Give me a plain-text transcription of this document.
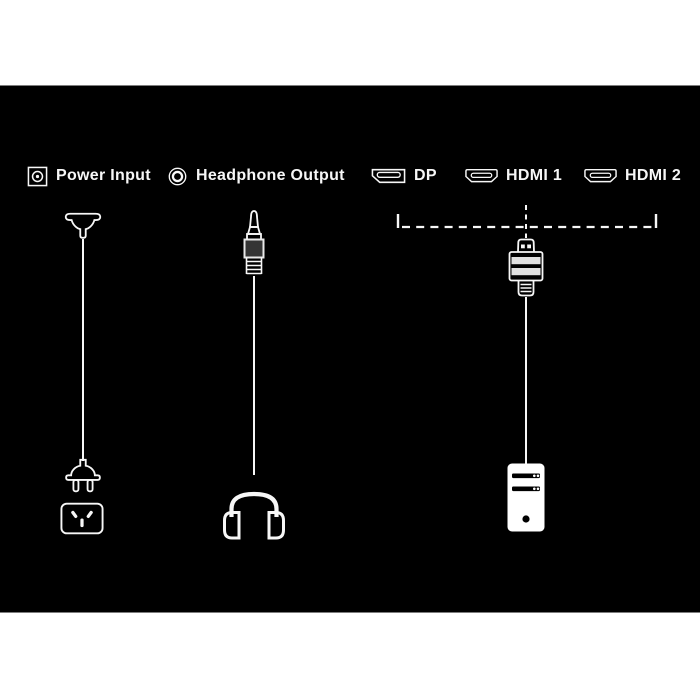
Power Input	Headphone Output	DP	HDMI 1	HDMI 2
